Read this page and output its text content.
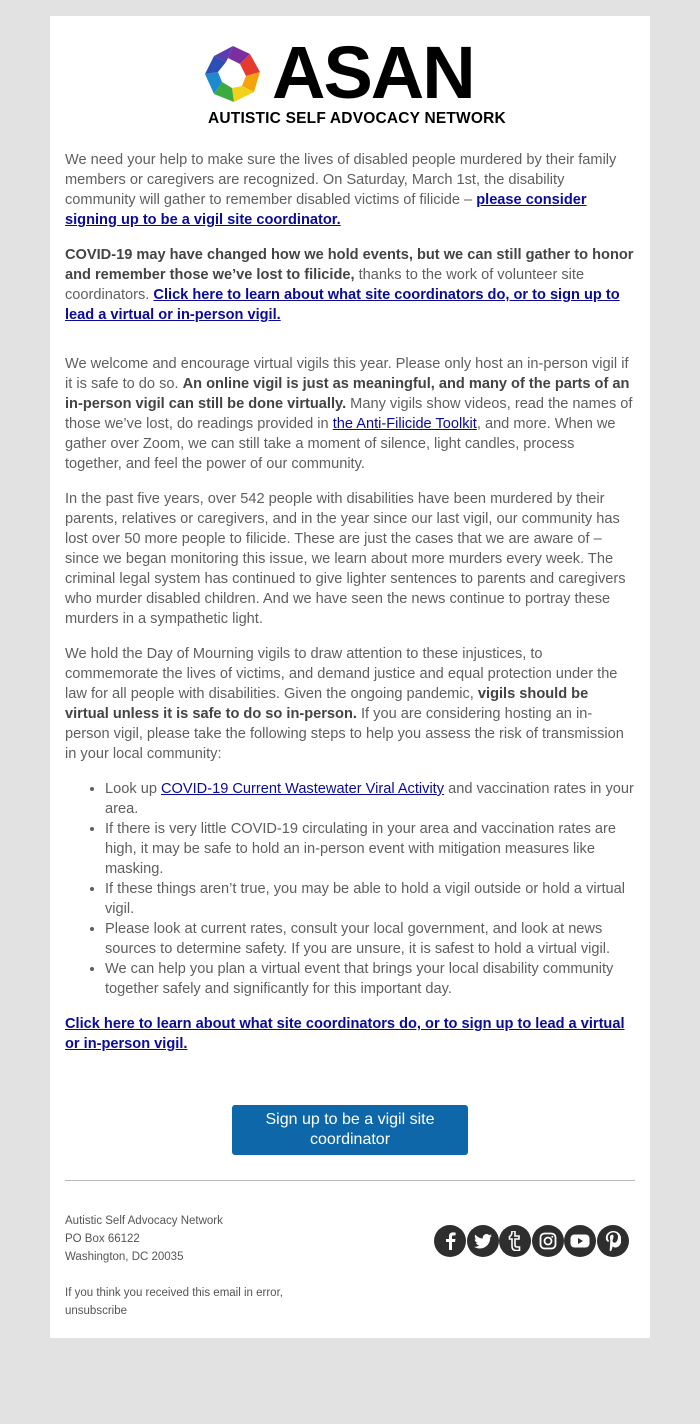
ASAN
AUTISTIC SELF ADVOCACY NETWORK

We need your help to make sure the lives of disabled people murdered by their family members or caregivers are recognized. On Saturday, March 1st, the disability community will gather to remember disabled victims of filicide – please consider signing up to be a vigil site coordinator.

COVID-19 may have changed how we hold events, but we can still gather to honor and remember those we’ve lost to filicide, thanks to the work of volunteer site coordinators. Click here to learn about what site coordinators do, or to sign up to lead a virtual or in-person vigil.

We welcome and encourage virtual vigils this year. Please only host an in-person vigil if it is safe to do so. An online vigil is just as meaningful, and many of the parts of an in-person vigil can still be done virtually. Many vigils show videos, read the names of those we’ve lost, do readings provided in the Anti-Filicide Toolkit, and more. When we gather over Zoom, we can still take a moment of silence, light candles, process together, and feel the power of our community.

In the past five years, over 542 people with disabilities have been murdered by their parents, relatives or caregivers, and in the year since our last vigil, our community has lost over 50 more people to filicide. These are just the cases that we are aware of – since we began monitoring this issue, we learn about more murders every week. The criminal legal system has continued to give lighter sentences to parents and caregivers who murder disabled children. And we have seen the news continue to portray these murders in a sympathetic light.

We hold the Day of Mourning vigils to draw attention to these injustices, to commemorate the lives of victims, and demand justice and equal protection under the law for all people with disabilities. Given the ongoing pandemic, vigils should be virtual unless it is safe to do so in-person. If you are considering hosting an in-person vigil, please take the following steps to help you assess the risk of transmission in your local community:

• Look up COVID-19 Current Wastewater Viral Activity and vaccination rates in your area.
• If there is very little COVID-19 circulating in your area and vaccination rates are high, it may be safe to hold an in-person event with mitigation measures like masking.
• If these things aren’t true, you may be able to hold a vigil outside or hold a virtual vigil.
• Please look at current rates, consult your local government, and look at news sources to determine safety. If you are unsure, it is safest to hold a virtual vigil.
• We can help you plan a virtual event that brings your local disability community together safely and significantly for this important day.

Click here to learn about what site coordinators do, or to sign up to lead a virtual or in-person vigil.

Sign up to be a vigil site coordinator
Autistic Self Advocacy Network
PO Box 66122
Washington, DC 20035
If you think you received this email in error,
unsubscribe
